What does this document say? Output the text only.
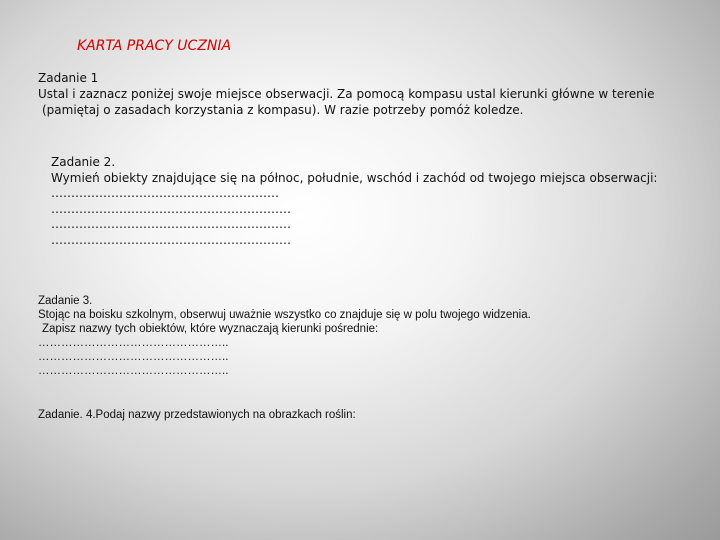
KARTA PRACY UCZNIA
Zadanie 1
Ustal i zaznacz poniżej swoje miejsce obserwacji. Za pomocą kompasu ustal kierunki główne w terenie
(pamiętaj o zasadach korzystania z kompasu). W razie potrzeby pomóż koledze.
Zadanie 2.
Wymień obiekty znajdujące się na północ, południe, wschód i zachód od twojego miejsca obserwacji:
…………………………………………………
……………………………………………………
……………………………………………………
……………………………………………………
Zadanie 3.
Stojąc na boisku szkolnym, obserwuj uważnie wszystko co znajduje się w polu twojego widzenia.
Zapisz nazwy tych obiektów, które wyznaczają kierunki pośrednie:
…………………………………………..
…………………………………………..
…………………………………………..
Zadanie. 4.Podaj nazwy przedstawionych na obrazkach roślin:
